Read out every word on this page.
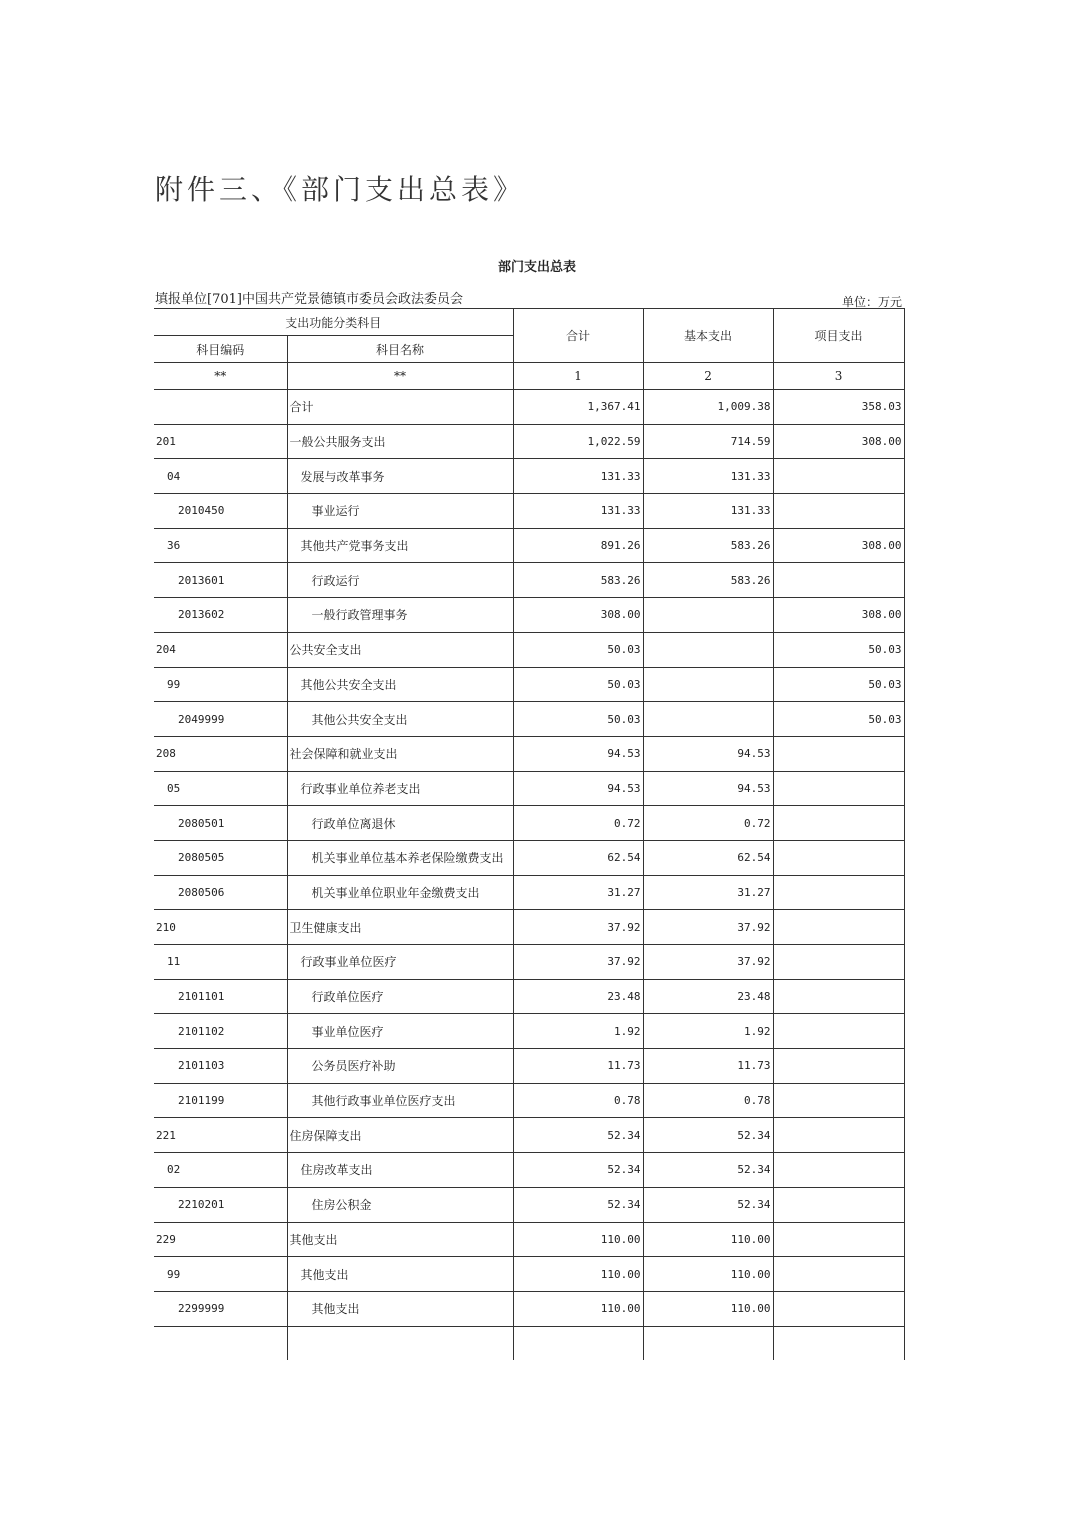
附件三、《部门支出总表》
部门支出总表
填报单位[701]中国共产党景德镇市委员会政法委员会	单位：万元
支出功能分类科目		合计	基本支出	项目支出
科目编码	科目名称			
**	**	1	2	3
	合计	1,367.41	1,009.38	358.03
201	一般公共服务支出	1,022.59	714.59	308.00
04	发展与改革事务	131.33	131.33	
2010450	事业运行	131.33	131.33	
36	其他共产党事务支出	891.26	583.26	308.00
2013601	行政运行	583.26	583.26	
2013602	一般行政管理事务	308.00		308.00
204	公共安全支出	50.03		50.03
99	其他公共安全支出	50.03		50.03
2049999	其他公共安全支出	50.03		50.03
208	社会保障和就业支出	94.53	94.53	
05	行政事业单位养老支出	94.53	94.53	
2080501	行政单位离退休	0.72	0.72	
2080505	机关事业单位基本养老保险缴费支出	62.54	62.54	
2080506	机关事业单位职业年金缴费支出	31.27	31.27	
210	卫生健康支出	37.92	37.92	
11	行政事业单位医疗	37.92	37.92	
2101101	行政单位医疗	23.48	23.48	
2101102	事业单位医疗	1.92	1.92	
2101103	公务员医疗补助	11.73	11.73	
2101199	其他行政事业单位医疗支出	0.78	0.78	
221	住房保障支出	52.34	52.34	
02	住房改革支出	52.34	52.34	
2210201	住房公积金	52.34	52.34	
229	其他支出	110.00	110.00	
99	其他支出	110.00	110.00	
2299999	其他支出	110.00	110.00	
